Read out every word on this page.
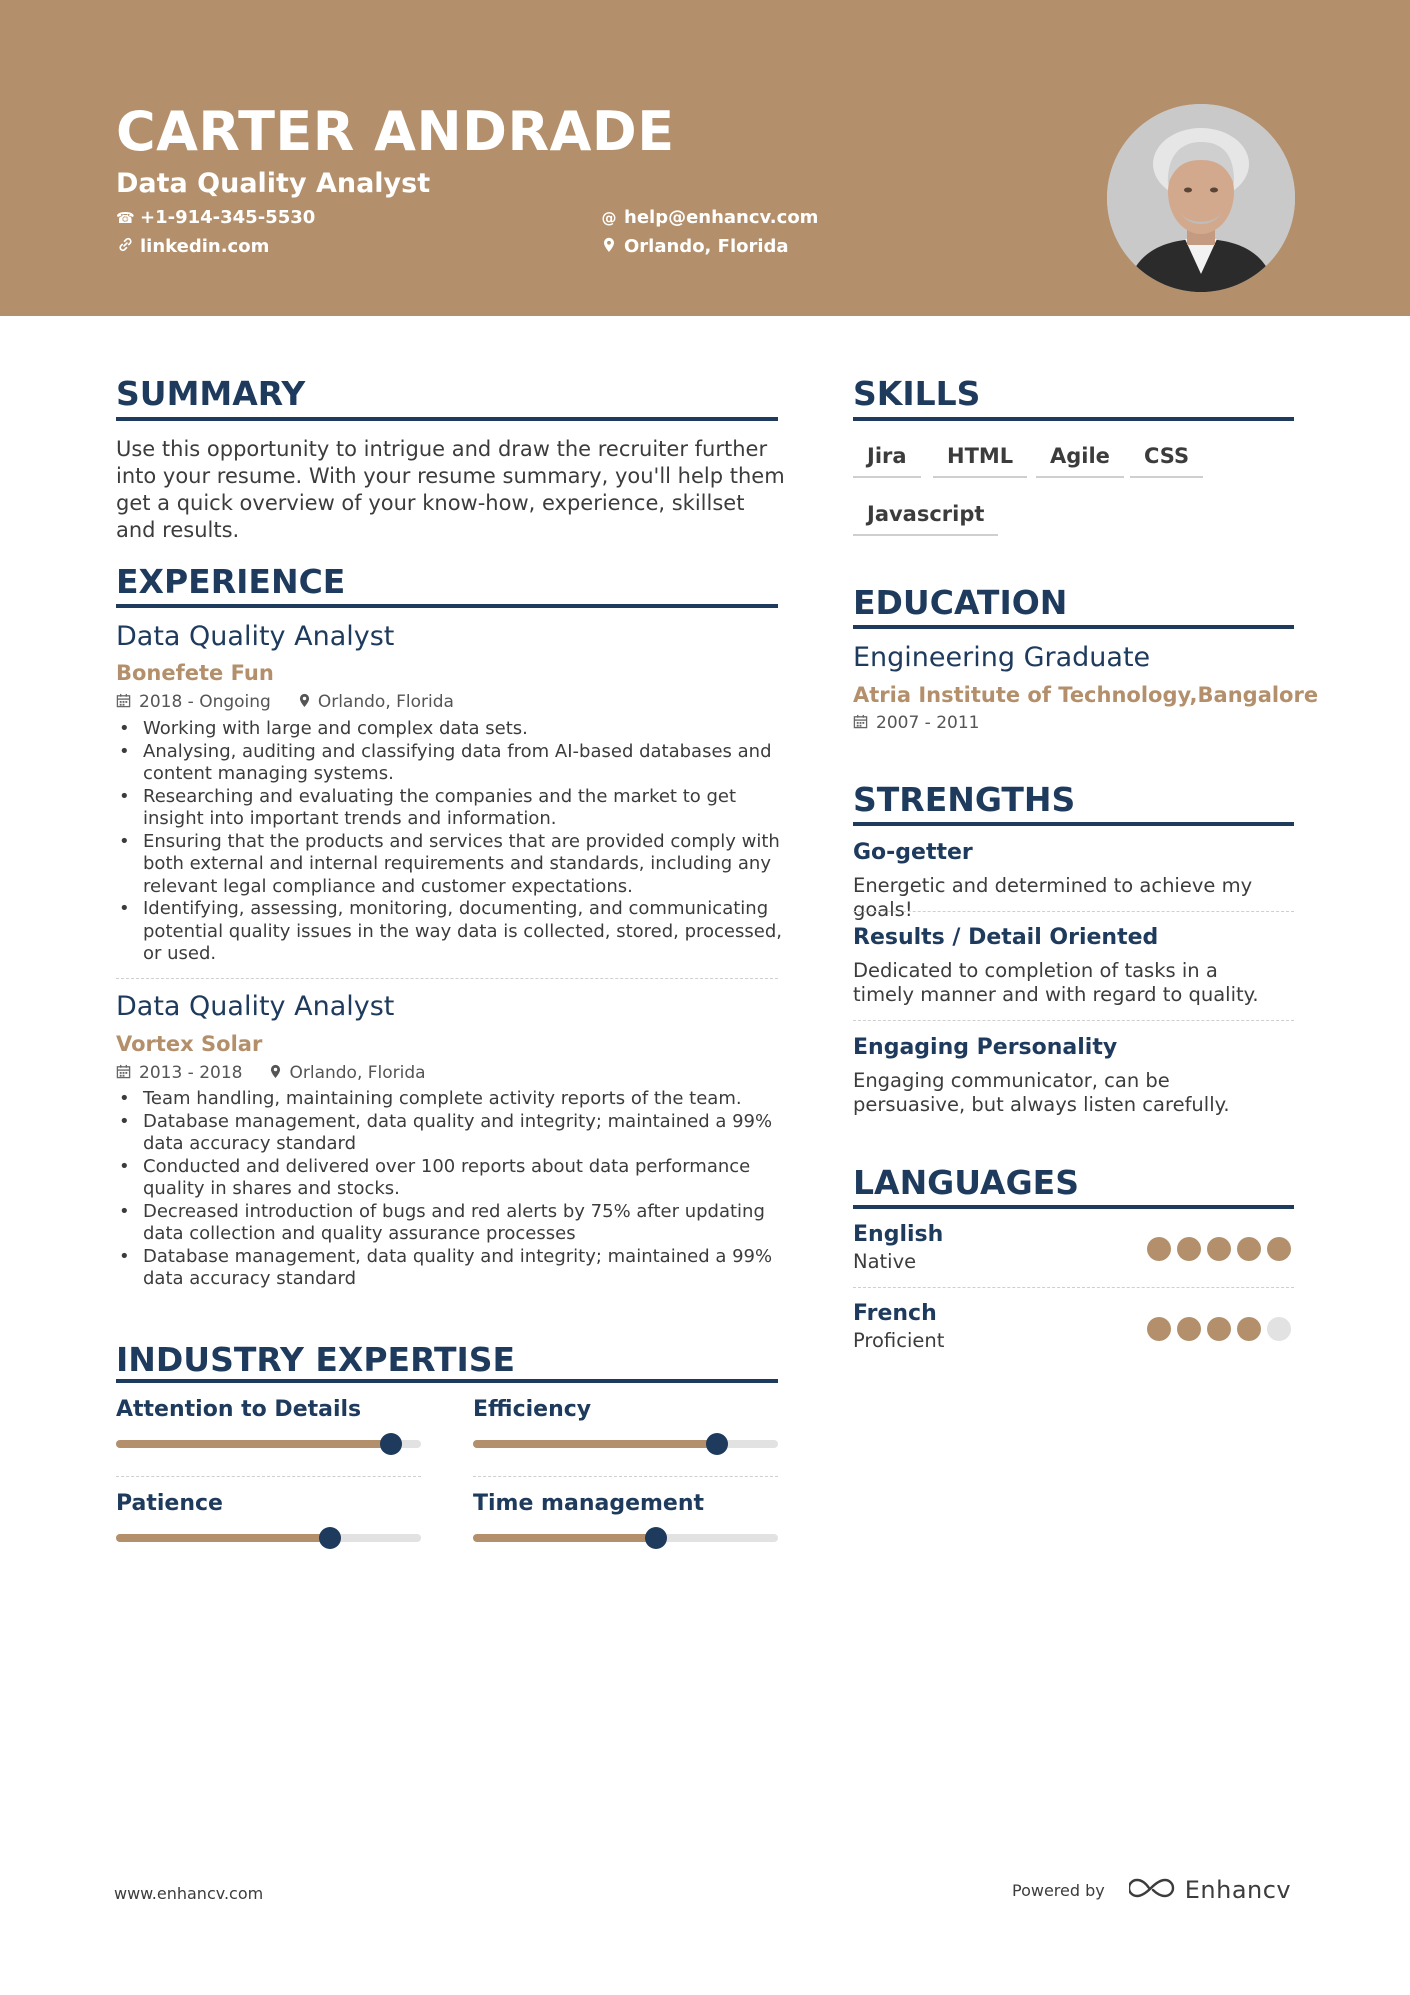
CARTER ANDRADE
Data Quality Analyst
☎ +1-914-345-5530	@ help@enhancv.com
linkedin.com	Orlando, Florida
SUMMARY
Use this opportunity to intrigue and draw the recruiter further into your resume. With your resume summary, you'll help them get a quick overview of your know-how, experience, skillset and results.
EXPERIENCE
Data Quality Analyst
Bonefete Fun
2018 - Ongoing	Orlando, Florida
• Working with large and complex data sets.
• Analysing, auditing and classifying data from AI-based databases and content managing systems.
• Researching and evaluating the companies and the market to get insight into important trends and information.
• Ensuring that the products and services that are provided comply with both external and internal requirements and standards, including any relevant legal compliance and customer expectations.
• Identifying, assessing, monitoring, documenting, and communicating potential quality issues in the way data is collected, stored, processed, or used.
Data Quality Analyst
Vortex Solar
2013 - 2018	Orlando, Florida
• Team handling, maintaining complete activity reports of the team.
• Database management, data quality and integrity; maintained a 99% data accuracy standard
• Conducted and delivered over 100 reports about data performance quality in shares and stocks.
• Decreased introduction of bugs and red alerts by 75% after updating data collection and quality assurance processes
• Database management, data quality and integrity; maintained a 99% data accuracy standard
INDUSTRY EXPERTISE
Attention to Details	Efficiency
Patience	Time management
SKILLS
Jira	HTML	Agile	CSS
Javascript
EDUCATION
Engineering Graduate
Atria Institute of Technology,Bangalore
2007 - 2011
STRENGTHS
Go-getter
Energetic and determined to achieve my goals!
Results / Detail Oriented
Dedicated to completion of tasks in a timely manner and with regard to quality.
Engaging Personality
Engaging communicator, can be persuasive, but always listen carefully.
LANGUAGES
English
Native
French
Proficient
www.enhancv.com	Powered by	Enhancv
